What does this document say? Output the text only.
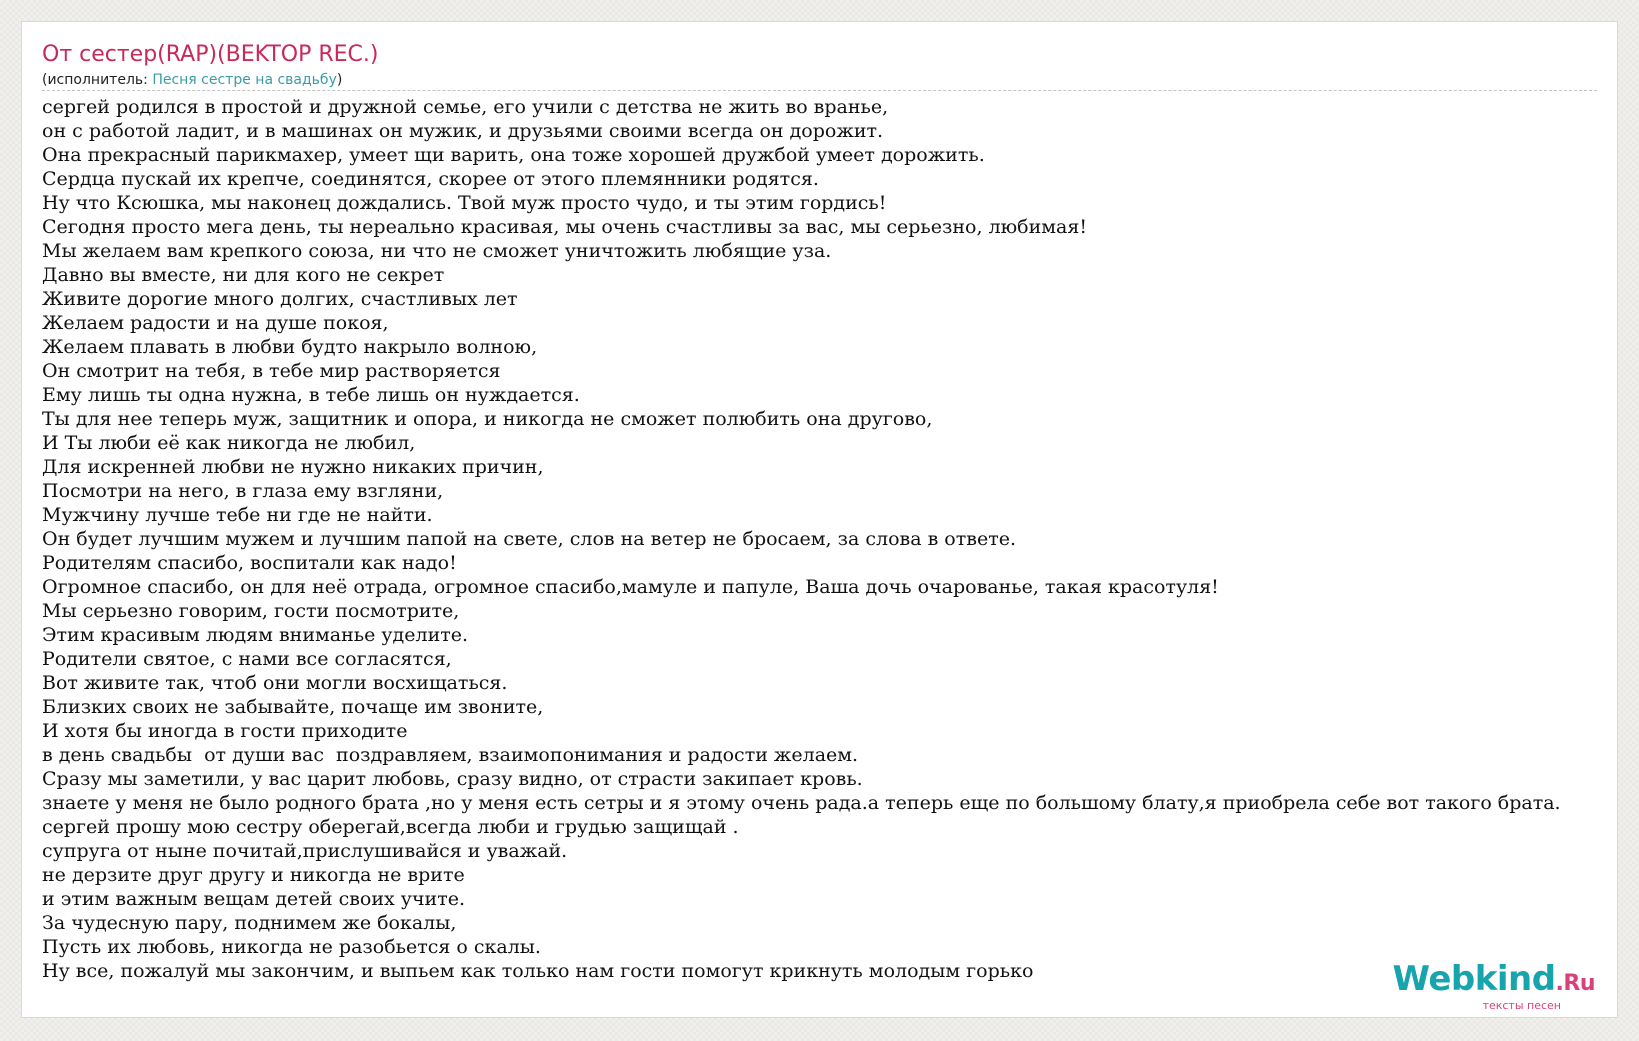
От сестер(RAP)(BEKTOP REC.)
(исполнитель: Песня сестре на свадьбу)
сергей родился в простой и дружной семье, его учили с детства не жить во вранье,
он с работой ладит, и в машинах он мужик, и друзьями своими всегда он дорожит.
Она прекрасный парикмахер, умеет щи варить, она тоже хорошей дружбой умеет дорожить.
Сердца пускай их крепче, соединятся, скорее от этого племянники родятся.
Ну что Ксюшка, мы наконец дождались. Твой муж просто чудо, и ты этим гордись!
Сегодня просто мега день, ты нереально красивая, мы очень счастливы за вас, мы серьезно, любимая!
Мы желаем вам крепкого союза, ни что не сможет уничтожить любящие уза.
Давно вы вместе, ни для кого не секрет
Живите дорогие много долгих, счастливых лет
Желаем радости и на душе покоя,
Желаем плавать в любви будто накрыло волною,
Он смотрит на тебя, в тебе мир растворяется
Ему лишь ты одна нужна, в тебе лишь он нуждается.
Ты для нее теперь муж, защитник и опора, и никогда не сможет полюбить она другово,
И Ты люби её как никогда не любил,
Для искренней любви не нужно никаких причин,
Посмотри на него, в глаза ему взгляни,
Мужчину лучше тебе ни где не найти.
Он будет лучшим мужем и лучшим папой на свете, слов на ветер не бросаем, за слова в ответе.
Родителям спасибо, воспитали как надо!
Огромное спасибо, он для неё отрада, огромное спасибо,мамуле и папуле, Ваша дочь очарованье, такая красотуля!
Мы серьезно говорим, гости посмотрите,
Этим красивым людям вниманье уделите.
Родители святое, с нами все согласятся,
Вот живите так, чтоб они могли восхищаться.
Близких своих не забывайте, почаще им звоните,
И хотя бы иногда в гости приходите
в день свадьбы  от души вас  поздравляем, взаимопонимания и радости желаем.
Сразу мы заметили, у вас царит любовь, сразу видно, от страсти закипает кровь.
знаете у меня не было родного брата ,но у меня есть сетры и я этому очень рада.а теперь еще по большому блату,я приобрела себе вот такого брата.
сергей прошу мою сестру оберегай,всегда люби и грудью защищай .
супруга от ныне почитай,прислушивайся и уважай.
не дерзите друг другу и никогда не врите
и этим важным вещам детей своих учите.
За чудесную пару, поднимем же бокалы,
Пусть их любовь, никогда не разобьется о скалы.
Ну все, пожалуй мы закончим, и выпьем как только нам гости помогут крикнуть молодым горько	Webkind.Ru
тексты песен
